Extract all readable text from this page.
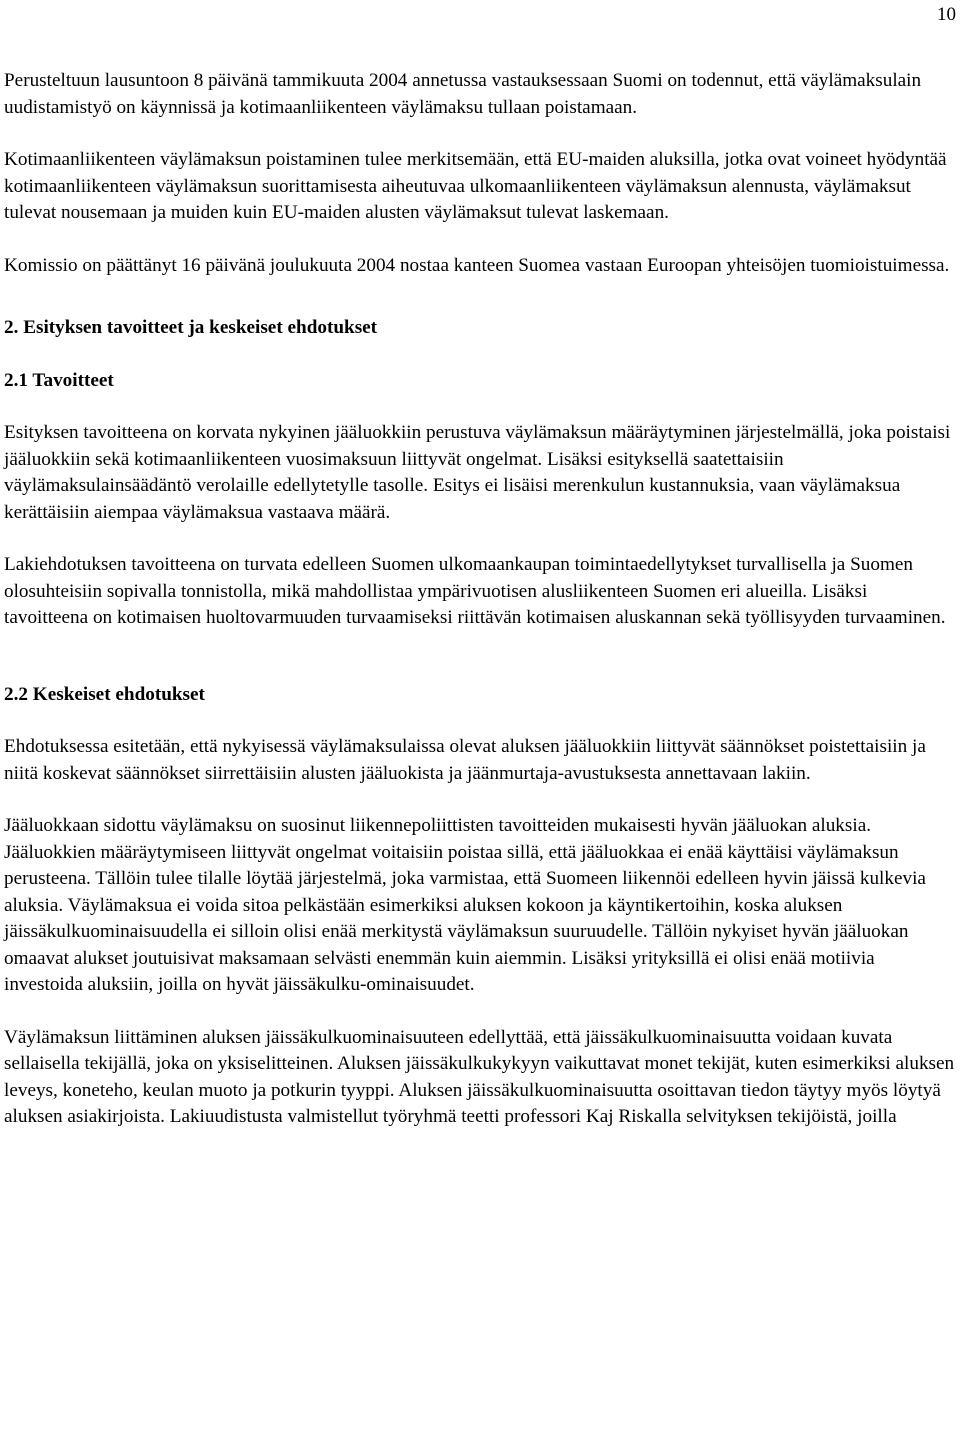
10

Perusteltuun lausuntoon 8 päivänä tammikuuta 2004 annetussa vastauksessaan Suomi on todennut, että väylämaksulain uudistamistyö on käynnissä ja kotimaanliikenteen väylämaksu tullaan poistamaan.

Kotimaanliikenteen väylämaksun poistaminen tulee merkitsemään, että EU-maiden aluksilla, jotka ovat voineet hyödyntää kotimaanliikenteen väylämaksun suorittamisesta aiheutuvaa ulkomaanliikenteen väylämaksun alennusta, väylämaksut tulevat nousemaan ja muiden kuin EU-maiden alusten väylämaksut tulevat laskemaan.

Komissio on päättänyt 16 päivänä joulukuuta 2004 nostaa kanteen Suomea vastaan Euroopan yhteisöjen tuomioistuimessa.

2. Esityksen tavoitteet ja keskeiset ehdotukset
2.1 Tavoitteet

Esityksen tavoitteena on korvata nykyinen jääluokkiin perustuva väylämaksun määräytyminen järjestelmällä, joka poistaisi jääluokkiin sekä kotimaanliikenteen vuosimaksuun liittyvät ongelmat. Lisäksi esityksellä saatettaisiin väylämaksulainsäädäntö verolaille edellytetylle tasolle. Esitys ei lisäisi merenkulun kustannuksia, vaan väylämaksua kerättäisiin aiempaa väylämaksua vastaava määrä.

Lakiehdotuksen tavoitteena on turvata edelleen Suomen ulkomaankaupan toimintaedellytykset turvallisella ja Suomen olosuhteisiin sopivalla tonnistolla, mikä mahdollistaa ympärivuotisen alusliikenteen Suomen eri alueilla. Lisäksi tavoitteena on kotimaisen huoltovarmuuden turvaamiseksi riittävän kotimaisen aluskannan sekä työllisyyden turvaaminen.

2.2 Keskeiset ehdotukset

Ehdotuksessa esitetään, että nykyisessä väylämaksulaissa olevat aluksen jääluokkiin liittyvät säännökset poistettaisiin ja niitä koskevat säännökset siirrettäisiin alusten jääluokista ja jäänmurtaja-avustuksesta annettavaan lakiin.

Jääluokkaan sidottu väylämaksu on suosinut liikennepoliittisten tavoitteiden mukaisesti hyvän jääluokan aluksia. Jääluokkien määräytymiseen liittyvät ongelmat voitaisiin poistaa sillä, että jääluokkaa ei enää käyttäisi väylämaksun perusteena. Tällöin tulee tilalle löytää järjestelmä, joka varmistaa, että Suomeen liikennöi edelleen hyvin jäissä kulkevia aluksia. Väylämaksua ei voida sitoa pelkästään esimerkiksi aluksen kokoon ja käyntikertoihin, koska aluksen jäissäkulkuominaisuudella ei silloin olisi enää merkitystä väylämaksun suuruudelle. Tällöin nykyiset hyvän jääluokan omaavat alukset joutuisivat maksamaan selvästi enemmän kuin aiemmin. Lisäksi yrityksillä ei olisi enää motiivia investoida aluksiin, joilla on hyvät jäissäkulku-ominaisuudet.

Väylämaksun liittäminen aluksen jäissäkulkuominaisuuteen edellyttää, että jäissäkulkuominaisuutta voidaan kuvata sellaisella tekijällä, joka on yksiselitteinen. Aluksen jäissäkulkukykyyn vaikuttavat monet tekijät, kuten esimerkiksi aluksen leveys, koneteho, keulan muoto ja potkurin tyyppi. Aluksen jäissäkulkuominaisuutta osoittavan tiedon täytyy myös löytyä aluksen asiakirjoista. Lakiuudistusta valmistellut työryhmä teetti professori Kaj Riskalla selvityksen tekijöistä, joilla
